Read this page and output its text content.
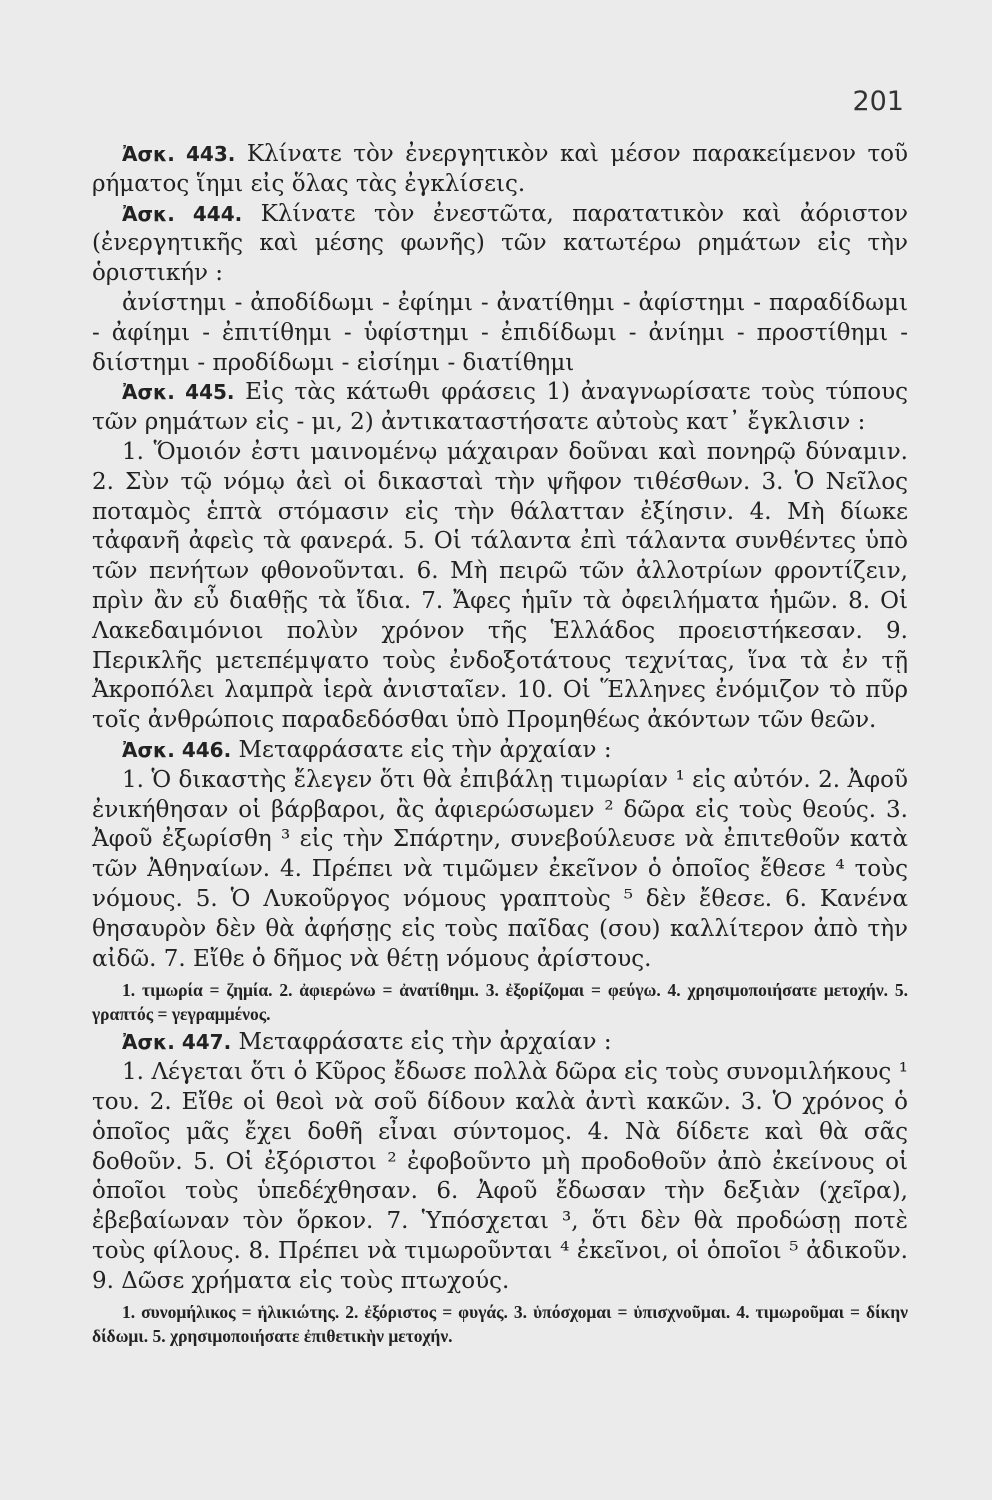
201

Ἀσκ. 443. Κλίνατε τὸν ἐνεργητικὸν καὶ μέσον παρακείμενον τοῦ ρήματος ἵημι εἰς ὅλας τὰς ἐγκλίσεις.

Ἀσκ. 444. Κλίνατε τὸν ἐνεστῶτα, παρατατικὸν καὶ ἀόριστον (ἐνεργητικῆς καὶ μέσης φωνῆς) τῶν κατωτέρω ρημάτων εἰς τὴν ὁριστικήν :

ἀνίστημι - ἀποδίδωμι - ἐφίημι - ἀνατίθημι - ἀφίστημι - παραδίδωμι - ἀφίημι - ἐπιτίθημι - ὑφίστημι - ἐπιδίδωμι - ἀνίημι - προστίθημι - διίστημι - προδίδωμι - εἰσίημι - διατίθημι

Ἀσκ. 445. Εἰς τὰς κάτωθι φράσεις 1) ἀναγνωρίσατε τοὺς τύπους τῶν ρημάτων εἰς - μι, 2) ἀντικαταστήσατε αὐτοὺς κατ᾽ ἔγκλισιν :

1. Ὅμοιόν ἐστι μαινομένῳ μάχαιραν δοῦναι καὶ πονηρῷ δύναμιν. 2. Σὺν τῷ νόμῳ ἀεὶ οἱ δικασταὶ τὴν ψῆφον τιθέσθων. 3. Ὁ Νεῖλος ποταμὸς ἑπτὰ στόμασιν εἰς τὴν θάλατταν ἐξίησιν. 4. Μὴ δίωκε τἀφανῆ ἀφεὶς τὰ φανερά. 5. Οἱ τάλαντα ἐπὶ τάλαντα συνθέντες ὑπὸ τῶν πενήτων φθονοῦνται. 6. Μὴ πειρῶ τῶν ἀλλοτρίων φροντίζειν, πρὶν ἂν εὖ διαθῇς τὰ ἴδια. 7. Ἄφες ἡμῖν τὰ ὀφειλήματα ἡμῶν. 8. Οἱ Λακεδαιμόνιοι πολὺν χρόνον τῆς Ἑλλάδος προειστήκεσαν. 9. Περικλῆς μετεπέμψατο τοὺς ἐνδοξοτάτους τεχνίτας, ἵνα τὰ ἐν τῇ Ἀκροπόλει λαμπρὰ ἱερὰ ἀνισταῖεν. 10. Οἱ Ἕλληνες ἐνόμιζον τὸ πῦρ τοῖς ἀνθρώποις παραδεδόσθαι ὑπὸ Προμηθέως ἀκόντων τῶν θεῶν.

Ἀσκ. 446. Μεταφράσατε εἰς τὴν ἀρχαίαν :

1. Ὁ δικαστὴς ἔλεγεν ὅτι θὰ ἐπιβάλῃ τιμωρίαν ¹ εἰς αὐτόν. 2. Ἀφοῦ ἐνικήθησαν οἱ βάρβαροι, ἂς ἀφιερώσωμεν ² δῶρα εἰς τοὺς θεούς. 3. Ἀφοῦ ἐξωρίσθη ³ εἰς τὴν Σπάρτην, συνεβούλευσε νὰ ἐπιτεθοῦν κατὰ τῶν Ἀθηναίων. 4. Πρέπει νὰ τιμῶμεν ἐκεῖνον ὁ ὁποῖος ἔθεσε ⁴ τοὺς νόμους. 5. Ὁ Λυκοῦργος νόμους γραπτοὺς ⁵ δὲν ἔθεσε. 6. Κανένα θησαυρὸν δὲν θὰ ἀφήσῃς εἰς τοὺς παῖδας (σου) καλλίτερον ἀπὸ τὴν αἰδῶ. 7. Εἴθε ὁ δῆμος νὰ θέτῃ νόμους ἀρίστους.

1. τιμωρία = ζημία. 2. ἀφιερώνω = ἀνατίθημι. 3. ἐξορίζομαι = φεύγω. 4. χρησιμοποιήσατε μετοχήν. 5. γραπτός = γεγραμμένος.

Ἀσκ. 447. Μεταφράσατε εἰς τὴν ἀρχαίαν :

1. Λέγεται ὅτι ὁ Κῦρος ἔδωσε πολλὰ δῶρα εἰς τοὺς συνομιλήκους ¹ του. 2. Εἴθε οἱ θεοὶ νὰ σοῦ δίδουν καλὰ ἀντὶ κακῶν. 3. Ὁ χρόνος ὁ ὁποῖος μᾶς ἔχει δοθῆ εἶναι σύντομος. 4. Νὰ δίδετε καὶ θὰ σᾶς δοθοῦν. 5. Οἱ ἐξόριστοι ² ἐφοβοῦντο μὴ προδοθοῦν ἀπὸ ἐκείνους οἱ ὁποῖοι τοὺς ὑπεδέχθησαν. 6. Ἀφοῦ ἔδωσαν τὴν δεξιὰν (χεῖρα), ἐβεβαίωναν τὸν ὅρκον. 7. Ὑπόσχεται ³, ὅτι δὲν θὰ προδώσῃ ποτὲ τοὺς φίλους. 8. Πρέπει νὰ τιμωροῦνται ⁴ ἐκεῖνοι, οἱ ὁποῖοι ⁵ ἀδικοῦν. 9. Δῶσε χρήματα εἰς τοὺς πτωχούς.

1. συνομήλικος = ἡλικιώτης. 2. ἐξόριστος = φυγάς. 3. ὑπόσχομαι = ὑπισχνοῦμαι. 4. τιμωροῦμαι = δίκην δίδωμι. 5. χρησιμοποιήσατε ἐπιθετικὴν μετοχήν.
